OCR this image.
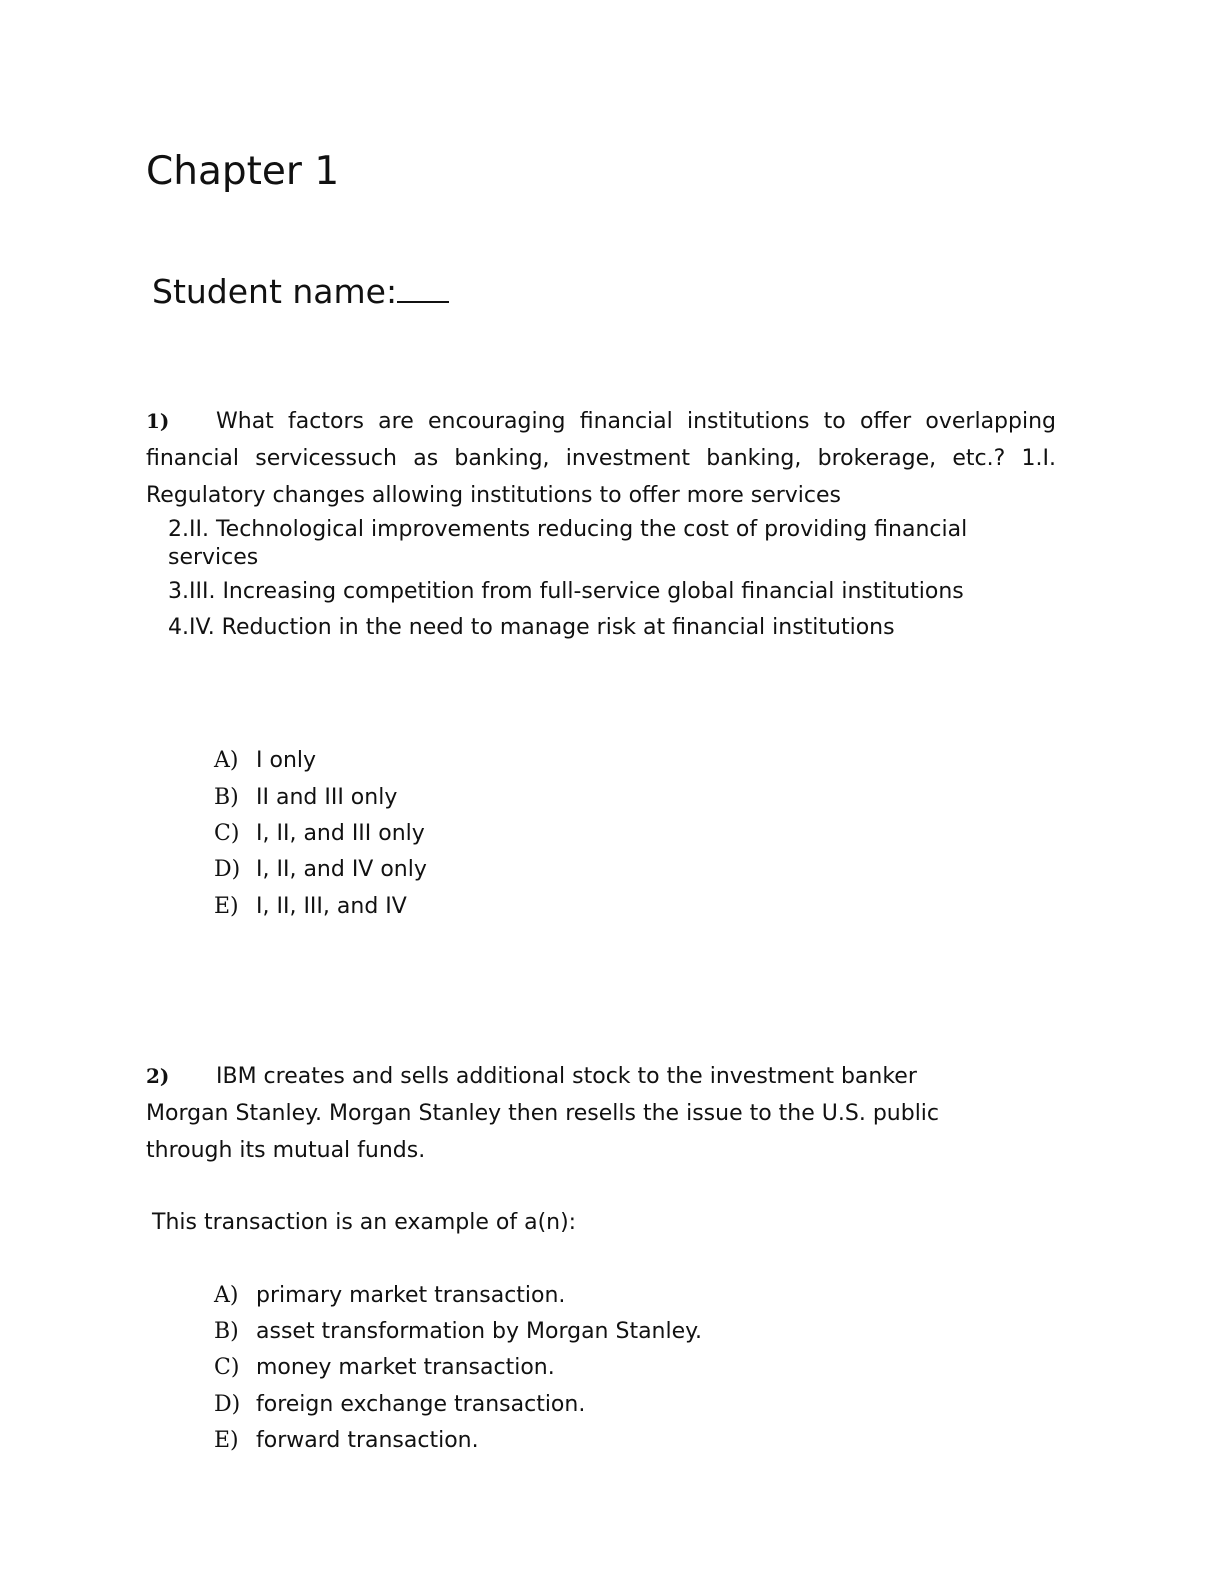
Chapter 1
Student name:
1) What factors are encouraging financial institutions to offer overlapping financial servicessuch as banking, investment banking, brokerage, etc.? 1.I. Regulatory changes allowing institutions to offer more services
2.II. Technological improvements reducing the cost of providing financial services
3.III. Increasing competition from full-service global financial institutions
4.IV. Reduction in the need to manage risk at financial institutions
A) I only
B) II and III only
C) I, II, and III only
D) I, II, and IV only
E) I, II, III, and IV
2) IBM creates and sells additional stock to the investment banker Morgan Stanley. Morgan Stanley then resells the issue to the U.S. public through its mutual funds.
This transaction is an example of a(n):
A) primary market transaction.
B) asset transformation by Morgan Stanley.
C) money market transaction.
D) foreign exchange transaction.
E) forward transaction.
